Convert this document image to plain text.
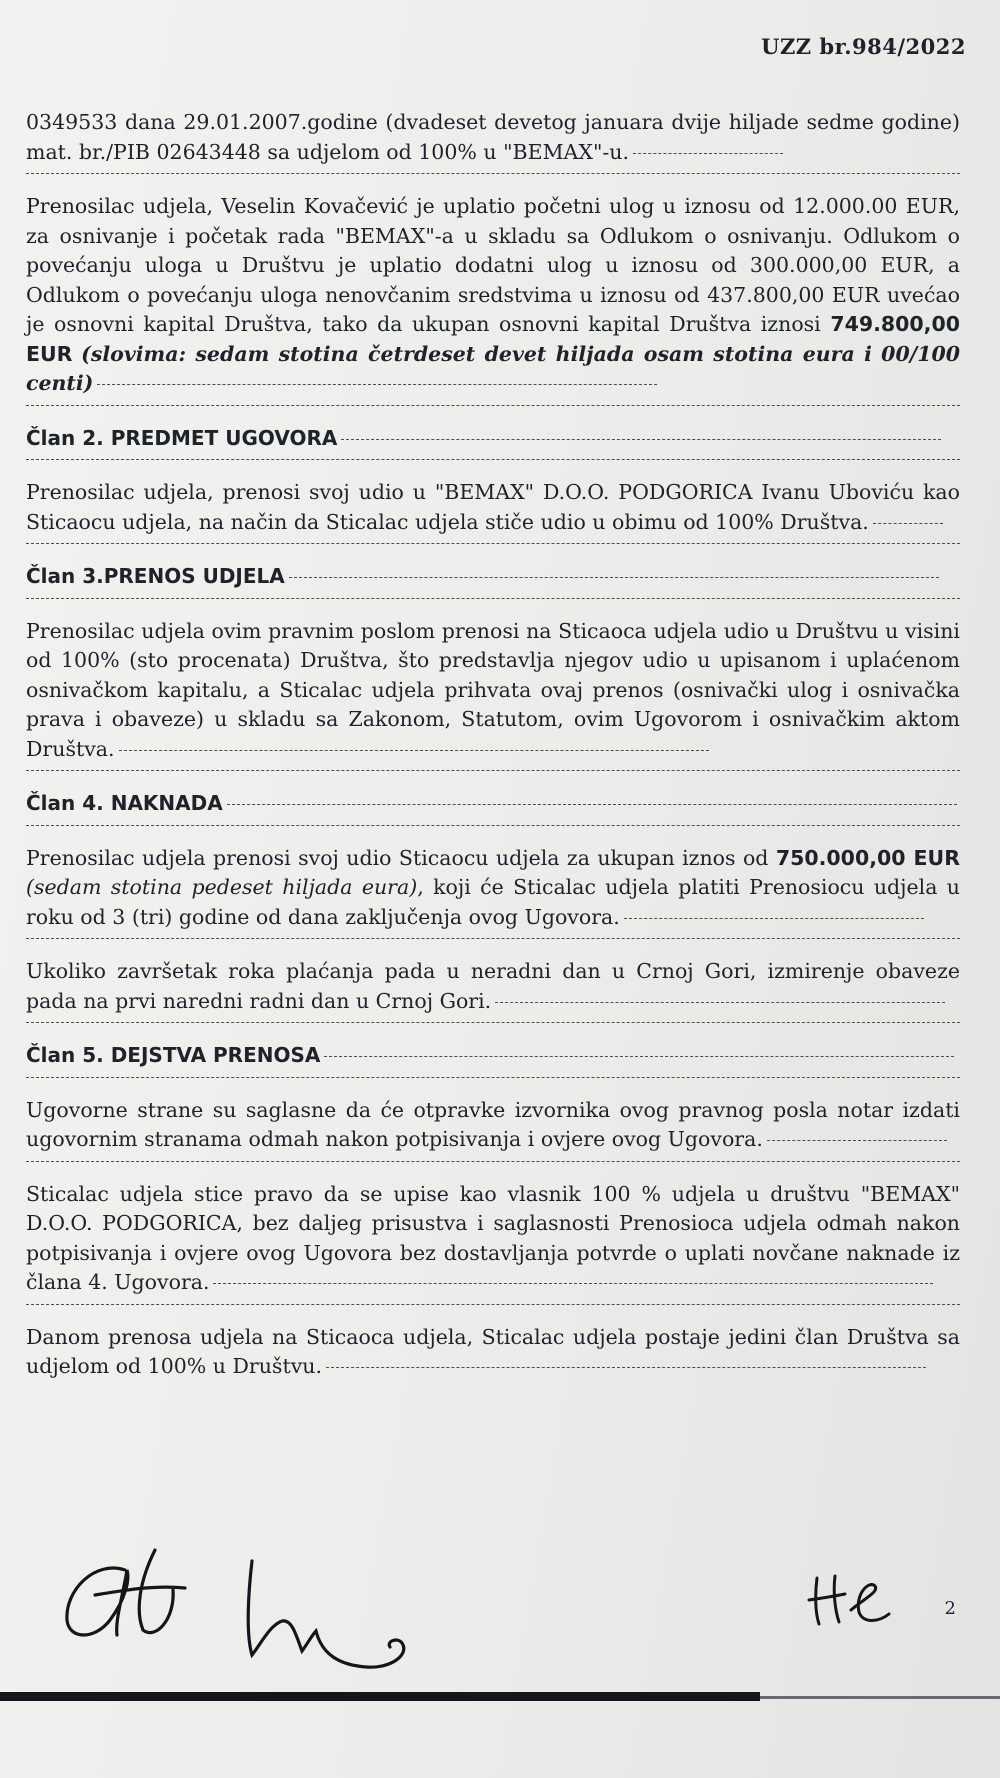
UZZ br.984/2022

0349533 dana 29.01.2007.godine (dvadeset devetog januara dvije hiljade sedme godine) mat. br./PIB 02643448 sa udjelom od 100% u "BEMAX"-u.

Prenosilac udjela, Veselin Kovačević je uplatio početni ulog u iznosu od 12.000.00 EUR, za osnivanje i početak rada "BEMAX"-a u skladu sa Odlukom o osnivanju. Odlukom o povećanju uloga u Društvu je uplatio dodatni ulog u iznosu od 300.000,00 EUR, a Odlukom o povećanju uloga nenovčanim sredstvima u iznosu od 437.800,00 EUR uvećao je osnovni kapital Društva, tako da ukupan osnovni kapital Društva iznosi 749.800,00 EUR (slovima: sedam stotina četrdeset devet hiljada osam stotina eura i 00/100 centi)

Član 2. PREDMET UGOVORA

Prenosilac udjela, prenosi svoj udio u "BEMAX" D.O.O. PODGORICA Ivanu Uboviću kao Sticaocu udjela, na način da Sticalac udjela stiče udio u obimu od 100% Društva.

Član 3.PRENOS UDJELA

Prenosilac udjela ovim pravnim poslom prenosi na Sticaoca udjela udio u Društvu u visini od 100% (sto procenata) Društva, što predstavlja njegov udio u upisanom i uplaćenom osnivačkom kapitalu, a Sticalac udjela prihvata ovaj prenos (osnivački ulog i osnivačka prava i obaveze) u skladu sa Zakonom, Statutom, ovim Ugovorom i osnivačkim aktom Društva.

Član 4. NAKNADA

Prenosilac udjela prenosi svoj udio Sticaocu udjela za ukupan iznos od 750.000,00 EUR (sedam stotina pedeset hiljada eura), koji će Sticalac udjela platiti Prenosiocu udjela u roku od 3 (tri) godine od dana zaključenja ovog Ugovora.

Ukoliko završetak roka plaćanja pada u neradni dan u Crnoj Gori, izmirenje obaveze pada na prvi naredni radni dan u Crnoj Gori.

Član 5. DEJSTVA PRENOSA

Ugovorne strane su saglasne da će otpravke izvornika ovog pravnog posla notar izdati ugovornim stranama odmah nakon potpisivanja i ovjere ovog Ugovora.

Sticalac udjela stice pravo da se upise kao vlasnik 100 % udjela u društvu "BEMAX" D.O.O. PODGORICA, bez daljeg prisustva i saglasnosti Prenosioca udjela odmah nakon potpisivanja i ovjere ovog Ugovora bez dostavljanja potvrde o uplati novčane naknade iz člana 4. Ugovora.

Danom prenosa udjela na Sticaoca udjela, Sticalac udjela postaje jedini član Društva sa udjelom od 100% u Društvu.

2
